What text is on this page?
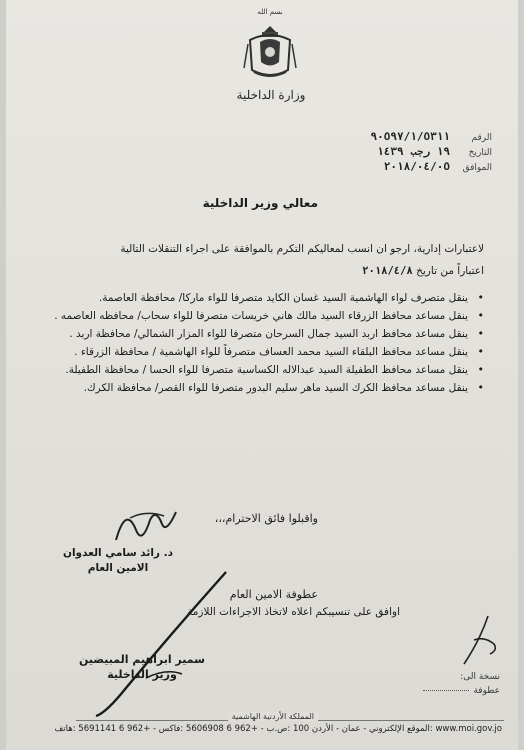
بسم الله
وزارة الداخلية
الرقم
٩٠٥٩٧/١/٥٣١١
التاريخ
١٩ رجب ١٤٣٩
الموافق
٢٠١٨/٠٤/٠٥
معالي وزير الداخلية
لاعتبارات إدارية، ارجو ان انسب لمعاليكم التكرم بالموافقة على اجراء التنقلات التالية
اعتباراً من تاريخ ٢٠١٨/٤/٨
•
ينقل متصرف لواء الهاشمية السيد غسان الكايد متصرفا للواء ماركا/ محافظة العاصمة.
•
ينقل مساعد محافظ الزرقاء السيد مالك هاني خريسات متصرفا للواء سحاب/ محافظه العاصمه .
•
ينقل مساعد محافظ اربد السيد جمال السرحان متصرفا للواء المزار الشمالي/ محافظة اربد .
•
ينقل مساعد محافظ البلقاء السيد محمد العساف متصرفاً للواء الهاشمية / محافظة الزرقاء .
•
ينقل مساعد محافظ الطفيلة السيد عبدالاله الكساسبة متصرفا للواء الحسا / محافظة الطفيلة.
•
ينقل مساعد محافظ الكرك السيد ماهر سليم البدور متصرفا للواء القصر/ محافظة الكرك.
واقبلوا فائق الاحترام،،،
د. رائد سامي العدوان
الامين العام
عطوفة الامين العام
اوافق على تنسيبكم اعلاه لاتخاذ الاجراءات اللازمة
سمير ابراهيم المبيضين
وزير الداخلية	نسخة الى:
عطوفة
المملكة الأردنية الهاشمية
www.moi.gov.jo :الموقع الإلكتروني - عمان - الأردن 100 :ص.ب - +962 6 5606908 :فاكس - +962 6 5691141 :هاتف
